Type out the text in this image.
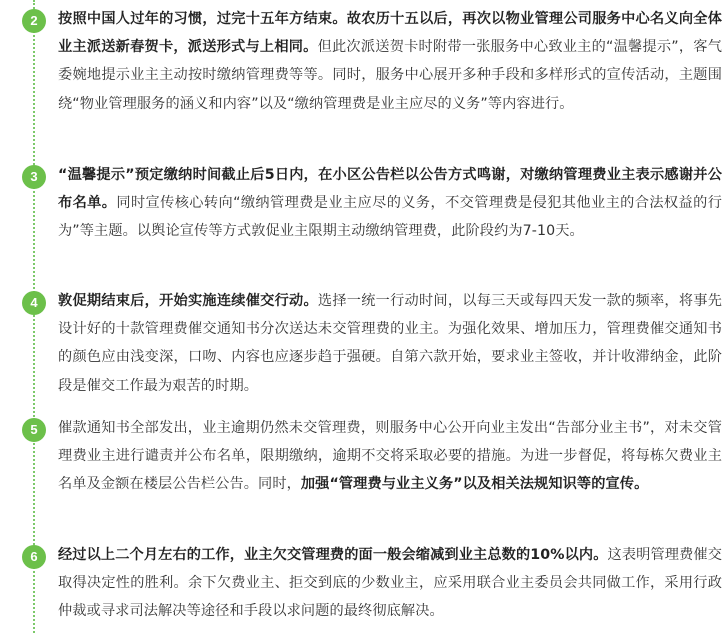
2	按照中国人过年的习惯，过完十五年方结束。故农历十五以后，再次以物业管理公司服务中心名义向全体业主派送新春贺卡，派送形式与上相同。但此次派送贺卡时附带一张服务中心致业主的“温馨提示”，客气委婉地提示业主主动按时缴纳管理费等等。同时，服务中心展开多种手段和多样形式的宣传活动，主题围绕“物业管理服务的涵义和内容”以及“缴纳管理费是业主应尽的义务”等内容进行。

3	“温馨提示”预定缴纳时间截止后5日内，在小区公告栏以公告方式鸣谢，对缴纳管理费业主表示感谢并公布名单。同时宣传核心转向“缴纳管理费是业主应尽的义务，不交管理费是侵犯其他业主的合法权益的行为”等主题。以舆论宣传等方式敦促业主限期主动缴纳管理费，此阶段约为7-10天。

4	敦促期结束后，开始实施连续催交行动。选择一统一行动时间，以每三天或每四天发一款的频率，将事先设计好的十款管理费催交通知书分次送达未交管理费的业主。为强化效果、增加压力，管理费催交通知书的颜色应由浅变深，口吻、内容也应逐步趋于强硬。自第六款开始，要求业主签收，并计收滞纳金，此阶段是催交工作最为艰苦的时期。

5	催款通知书全部发出，业主逾期仍然未交管理费，则服务中心公开向业主发出“告部分业主书”，对未交管理费业主进行谴责并公布名单，限期缴纳，逾期不交将采取必要的措施。为进一步督促，将每栋欠费业主名单及金额在楼层公告栏公告。同时，加强“管理费与业主义务”以及相关法规知识等的宣传。

6	经过以上二个月左右的工作，业主欠交管理费的面一般会缩减到业主总数的10%以内。这表明管理费催交取得决定性的胜利。余下欠费业主、拒交到底的少数业主，应采用联合业主委员会共同做工作，采用行政仲裁或寻求司法解决等途径和手段以求问题的最终彻底解决。
